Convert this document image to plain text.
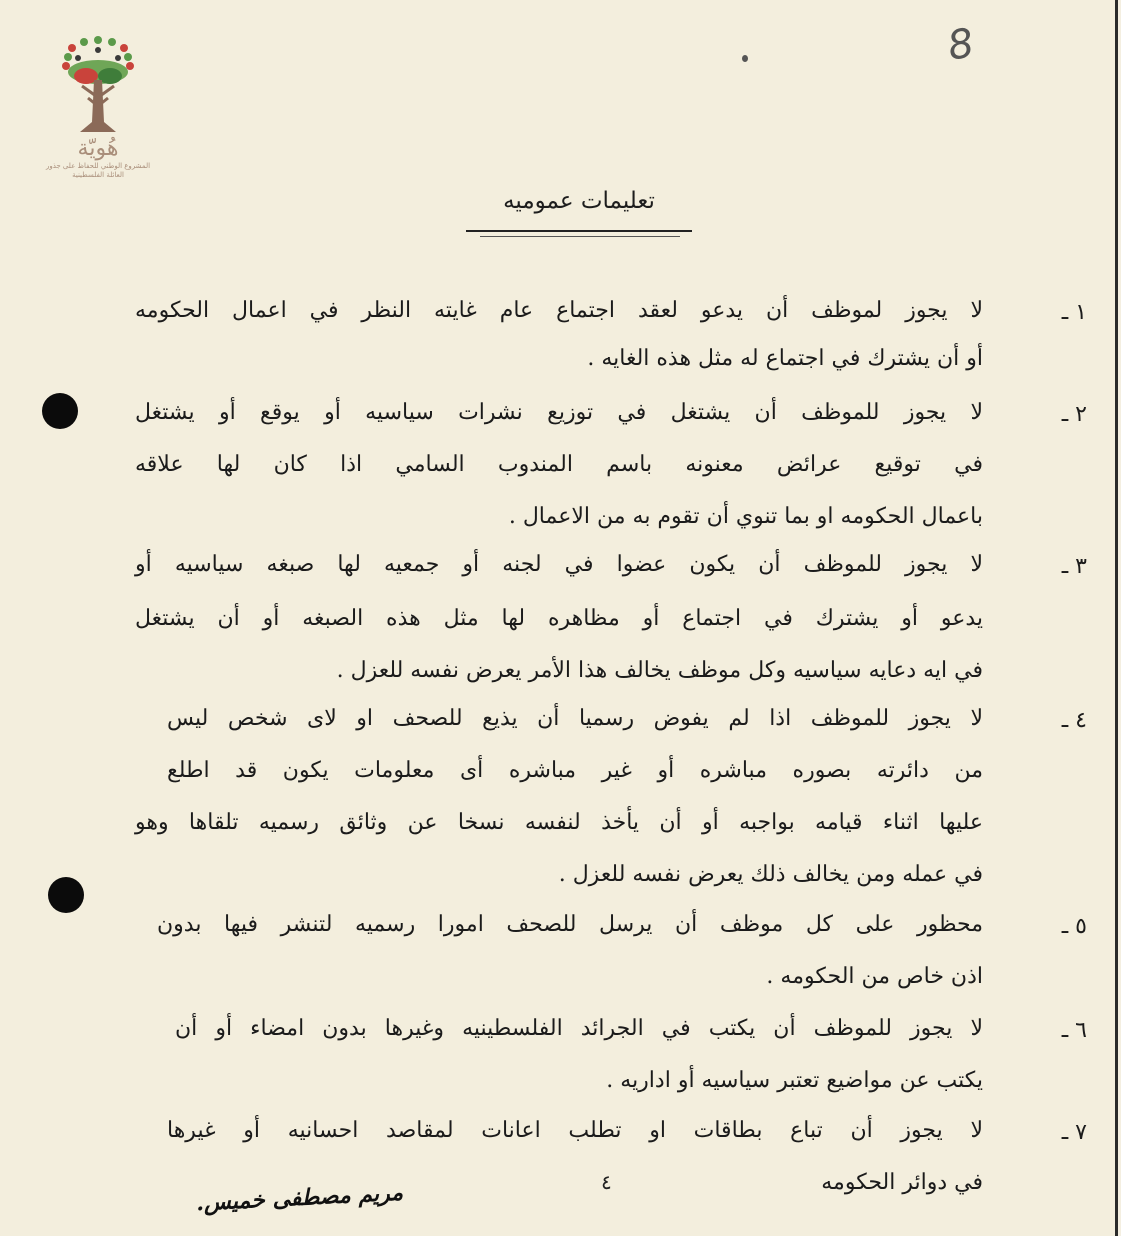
هُويّة
المشروع الوطني للحفاظ على جذور العائلة الفلسطينية
8
تعليمات عموميه
١ ـ
لا يجوز لموظف أن يدعو لعقد اجتماع عام غايته النظر في اعمال الحكومه
أو أن يشترك في اجتماع له مثل هذه الغايه .
٢ ـ
لا يجوز للموظف أن يشتغل في توزيع نشرات سياسيه أو يوقع أو يشتغل
في توقيع عرائض معنونه باسم المندوب السامي اذا كان لها علاقه
باعمال الحكومه او بما تنوي أن تقوم به من الاعمال .
٣ ـ
لا يجوز للموظف أن يكون عضوا في لجنه أو جمعيه لها صبغه سياسيه أو
يدعو أو يشترك في اجتماع أو مظاهره لها مثل هذه الصبغه أو أن يشتغل
في ايه دعايه سياسيه وكل موظف يخالف هذا الأمر يعرض نفسه للعزل .
٤ ـ
لا يجوز للموظف اذا لم يفوض رسميا أن يذيع للصحف او لاى شخص ليس
من دائرته بصوره مباشره أو غير مباشره أى معلومات يكون قد اطلع
عليها اثناء قيامه بواجبه أو أن يأخذ لنفسه نسخا عن وثائق رسميه تلقاها وهو
في عمله ومن يخالف ذلك يعرض نفسه للعزل .
٥ ـ
محظور على كل موظف أن يرسل للصحف امورا رسميه لتنشر فيها بدون
اذن خاص من الحكومه .
٦ ـ
لا يجوز للموظف أن يكتب في الجرائد الفلسطينيه وغيرها بدون امضاء أو أن
يكتب عن مواضيع تعتبر سياسيه أو اداريه .
٧ ـ
لا يجوز أن تباع بطاقات او تطلب اعانات لمقاصد احسانيه أو غيرها
في دوائر الحكومه
٤
مريم مصطفى خميس.
